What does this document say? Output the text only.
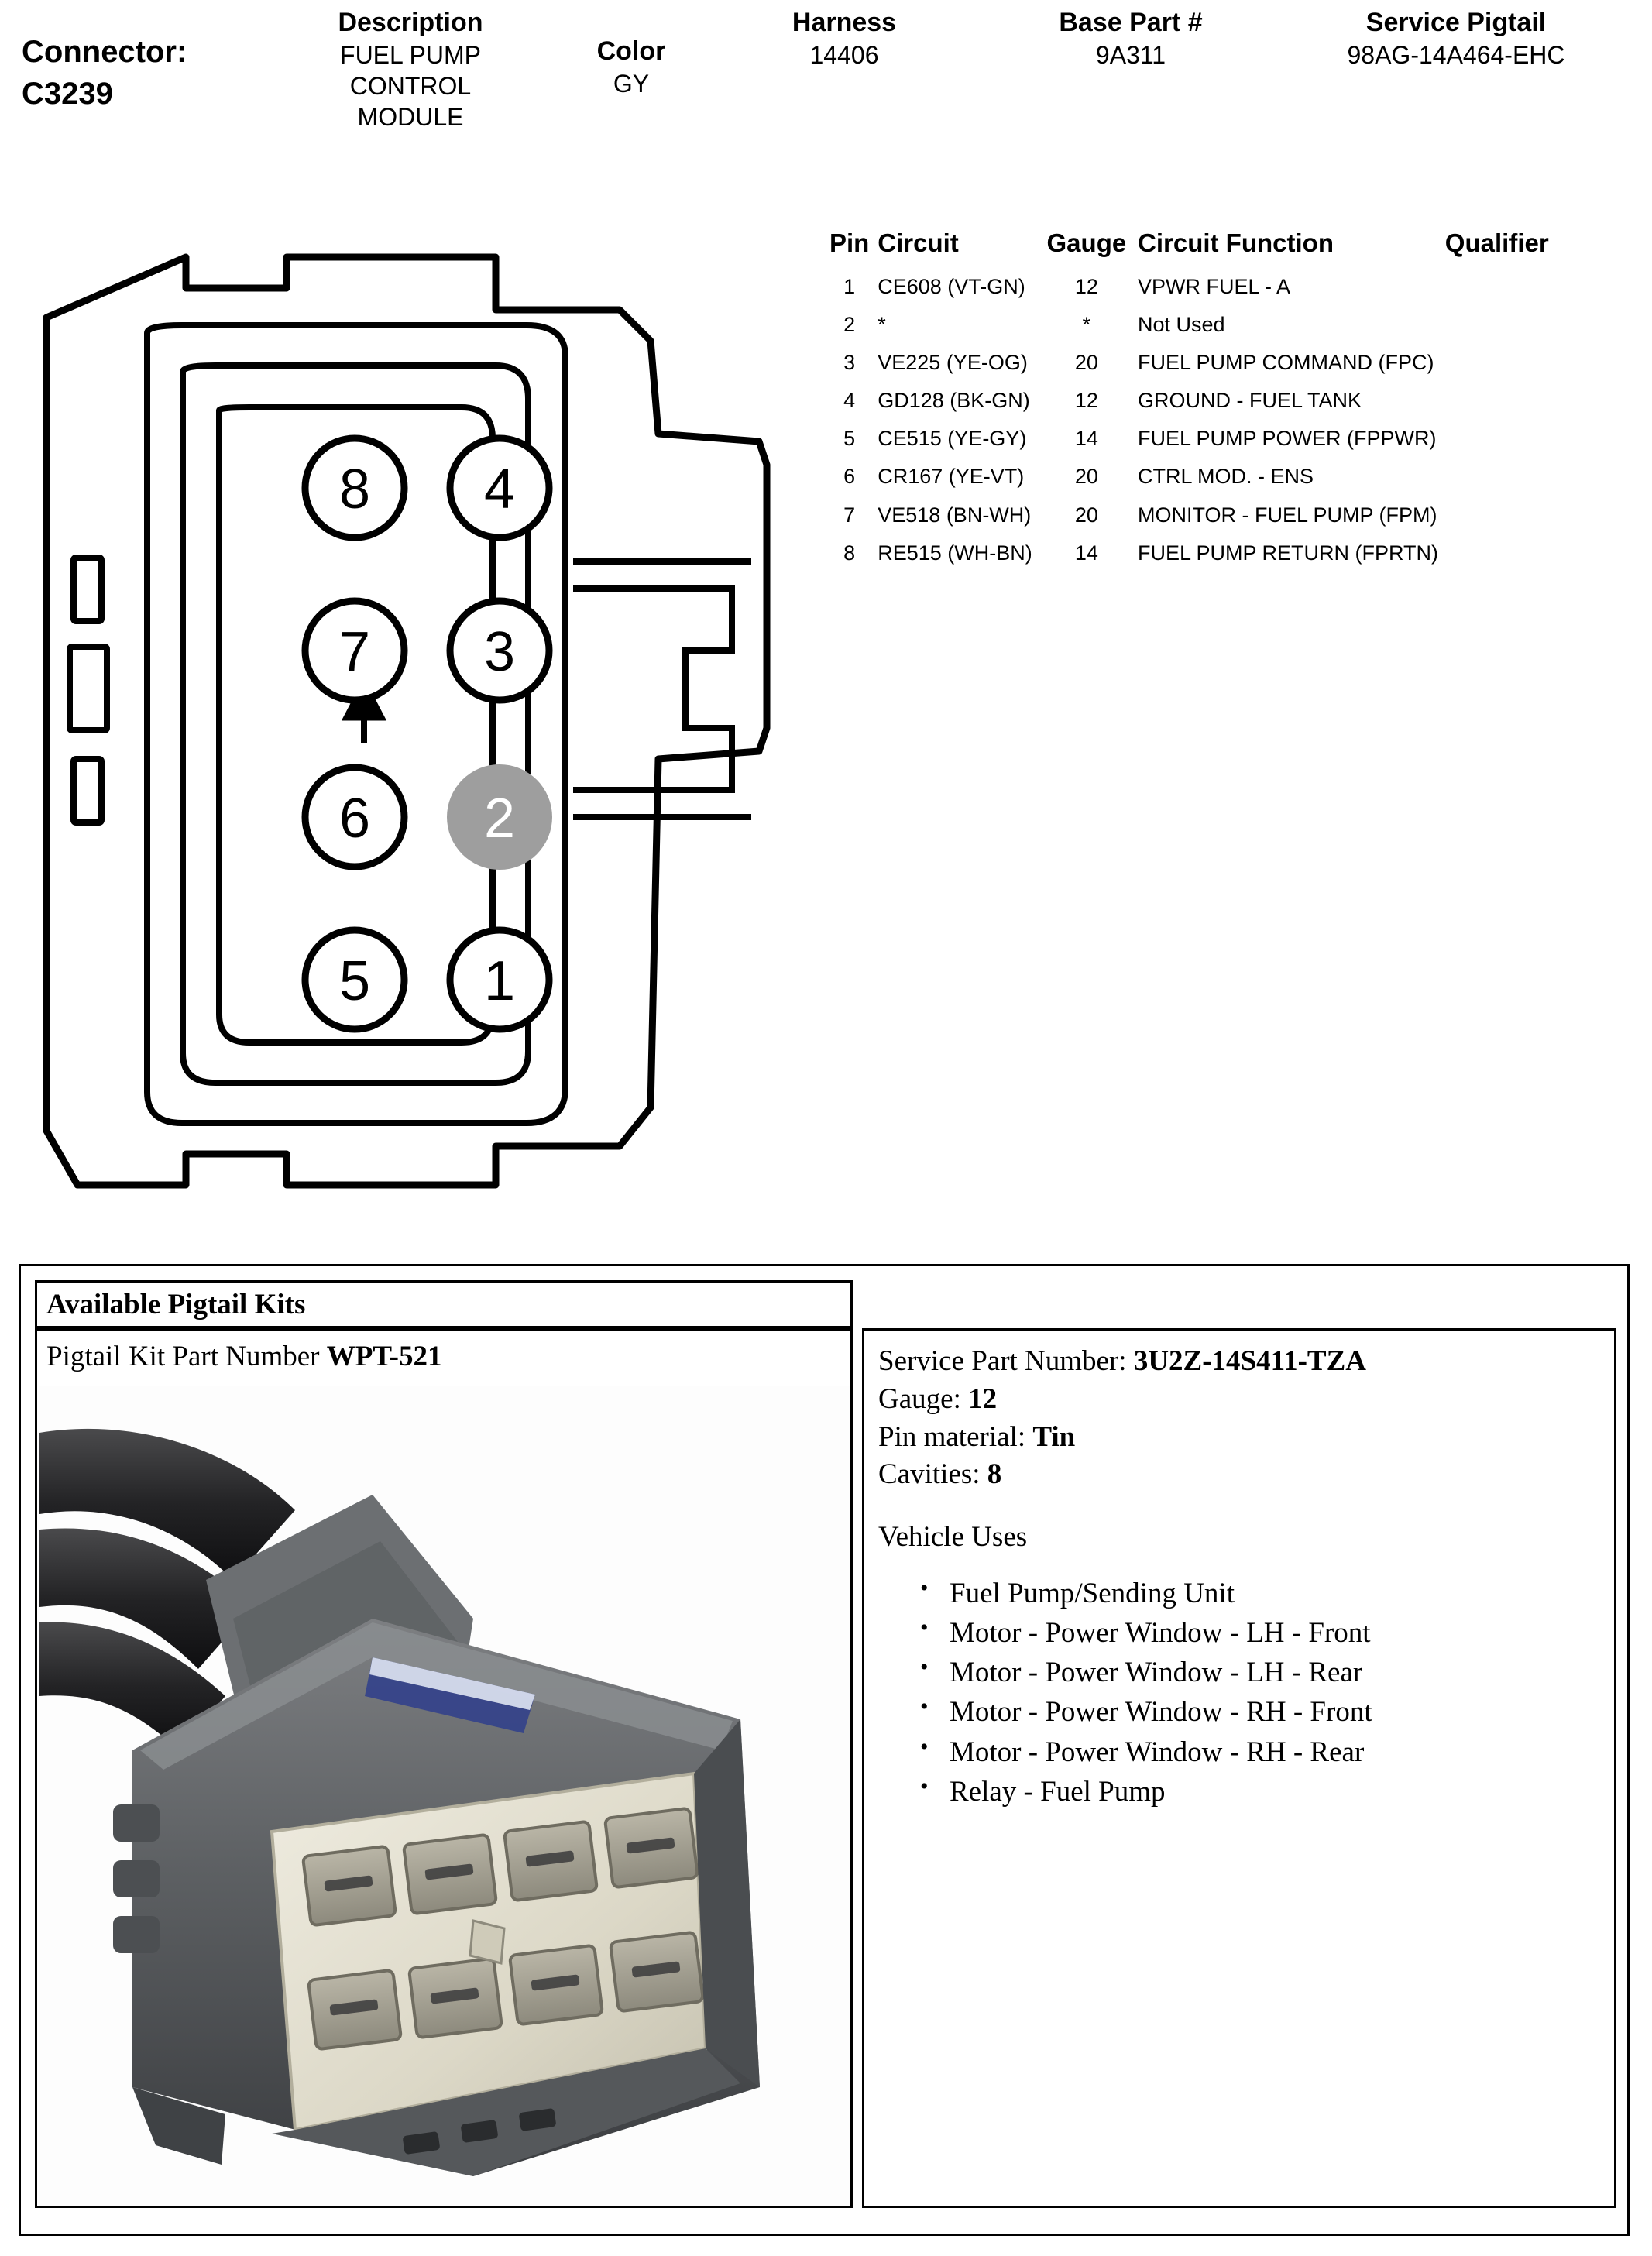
Connector:
C3239
Description
FUEL PUMP CONTROL MODULE
Color
GY
Harness
14406
Base Part #
9A311
Service Pigtail
98AG-14A464-EHC
8 4
7 3
6 2
5 1
Pin	Circuit	Gauge	Circuit Function	Qualifier
1	CE608 (VT-GN)	12	VPWR FUEL - A	
2	*	*	Not Used	
3	VE225 (YE-OG)	20	FUEL PUMP COMMAND (FPC)	
4	GD128 (BK-GN)	12	GROUND - FUEL TANK	
5	CE515 (YE-GY)	14	FUEL PUMP POWER (FPPWR)	
6	CR167 (YE-VT)	20	CTRL MOD. - ENS	
7	VE518 (BN-WH)	20	MONITOR - FUEL PUMP (FPM)	
8	RE515 (WH-BN)	14	FUEL PUMP RETURN (FPRTN)	
Available Pigtail Kits
Pigtail Kit Part Number WPT-521	Service Part Number: 3U2Z-14S411-TZA
Gauge: 12
Pin material: Tin
Cavities: 8
Vehicle Uses
• Fuel Pump/Sending Unit
• Motor - Power Window - LH - Front
• Motor - Power Window - LH - Rear
• Motor - Power Window - RH - Front
• Motor - Power Window - RH - Rear
• Relay - Fuel Pump
